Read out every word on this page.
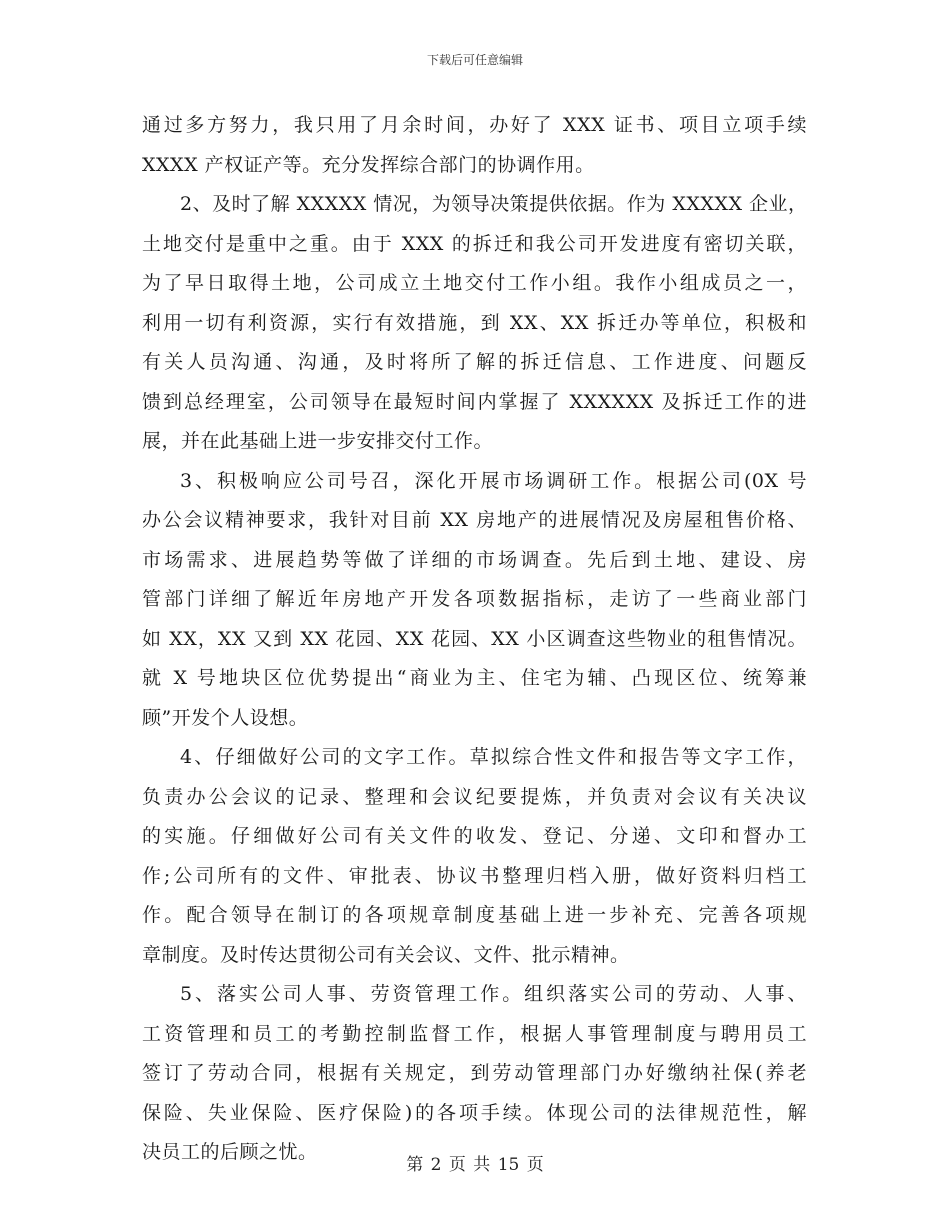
下载后可任意编辑
通过多方努力，我只用了月余时间，办好了 XXX 证书、项目立项手续
XXXX 产权证产等。充分发挥综合部门的协调作用。
2、及时了解 XXXXX 情况，为领导决策提供依据。作为 XXXXX 企业，
土地交付是重中之重。由于 XXX 的拆迁和我公司开发进度有密切关联，
为了早日取得土地，公司成立土地交付工作小组。我作小组成员之一，
利用一切有利资源，实行有效措施，到 XX、XX 拆迁办等单位，积极和
有关人员沟通、沟通，及时将所了解的拆迁信息、工作进度、问题反
馈到总经理室，公司领导在最短时间内掌握了 XXXXXX 及拆迁工作的进
展，并在此基础上进一步安排交付工作。
3、积极响应公司号召，深化开展市场调研工作。根据公司(0X 号
办公会议精神要求，我针对目前 XX 房地产的进展情况及房屋租售价格、
市场需求、进展趋势等做了详细的市场调查。先后到土地、建设、房
管部门详细了解近年房地产开发各项数据指标，走访了一些商业部门
如 XX，XX 又到 XX 花园、XX 花园、XX 小区调查这些物业的租售情况。
就 X 号地块区位优势提出“商业为主、住宅为辅、凸现区位、统筹兼
顾”开发个人设想。
4、仔细做好公司的文字工作。草拟综合性文件和报告等文字工作，
负责办公会议的记录、整理和会议纪要提炼，并负责对会议有关决议
的实施。仔细做好公司有关文件的收发、登记、分递、文印和督办工
作;公司所有的文件、审批表、协议书整理归档入册，做好资料归档工
作。配合领导在制订的各项规章制度基础上进一步补充、完善各项规
章制度。及时传达贯彻公司有关会议、文件、批示精神。
5、落实公司人事、劳资管理工作。组织落实公司的劳动、人事、
工资管理和员工的考勤控制监督工作，根据人事管理制度与聘用员工
签订了劳动合同，根据有关规定，到劳动管理部门办好缴纳社保(养老
保险、失业保险、医疗保险)的各项手续。体现公司的法律规范性，解
决员工的后顾之忧。
第 2 页 共 15 页
